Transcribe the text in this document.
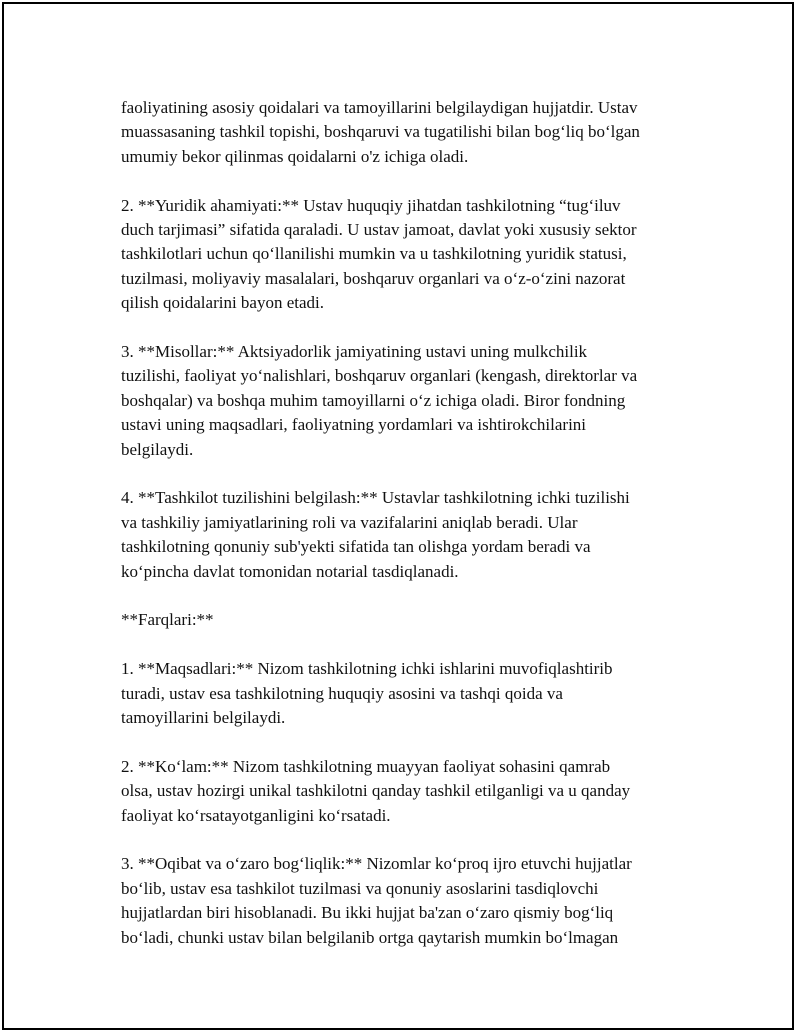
faoliyatining asosiy qoidalari va tamoyillarini belgilaydigan hujjatdir. Ustav
muassasaning tashkil topishi, boshqaruvi va tugatilishi bilan bog‘liq bo‘lgan
umumiy bekor qilinmas qoidalarni o'z ichiga oladi.

2. **Yuridik ahamiyati:** Ustav huquqiy jihatdan tashkilotning “tug‘iluv
duch tarjimasi” sifatida qaraladi. U ustav jamoat, davlat yoki xususiy sektor
tashkilotlari uchun qo‘llanilishi mumkin va u tashkilotning yuridik statusi,
tuzilmasi, moliyaviy masalalari, boshqaruv organlari va o‘z-o‘zini nazorat
qilish qoidalarini bayon etadi.

3. **Misollar:** Aktsiyadorlik jamiyatining ustavi uning mulkchilik
tuzilishi, faoliyat yo‘nalishlari, boshqaruv organlari (kengash, direktorlar va
boshqalar) va boshqa muhim tamoyillarni o‘z ichiga oladi. Biror fondning
ustavi uning maqsadlari, faoliyatning yordamlari va ishtirokchilarini
belgilaydi.

4. **Tashkilot tuzilishini belgilash:** Ustavlar tashkilotning ichki tuzilishi
va tashkiliy jamiyatlarining roli va vazifalarini aniqlab beradi. Ular
tashkilotning qonuniy sub'yekti sifatida tan olishga yordam beradi va
ko‘pincha davlat tomonidan notarial tasdiqlanadi.

**Farqlari:**

1. **Maqsadlari:** Nizom tashkilotning ichki ishlarini muvofiqlashtirib
turadi, ustav esa tashkilotning huquqiy asosini va tashqi qoida va
tamoyillarini belgilaydi.

2. **Ko‘lam:** Nizom tashkilotning muayyan faoliyat sohasini qamrab
olsa, ustav hozirgi unikal tashkilotni qanday tashkil etilganligi va u qanday
faoliyat ko‘rsatayotganligini ko‘rsatadi.

3. **Oqibat va o‘zaro bog‘liqlik:** Nizomlar ko‘proq ijro etuvchi hujjatlar
bo‘lib, ustav esa tashkilot tuzilmasi va qonuniy asoslarini tasdiqlovchi
hujjatlardan biri hisoblanadi. Bu ikki hujjat ba'zan o‘zaro qismiy bog‘liq
bo‘ladi, chunki ustav bilan belgilanib ortga qaytarish mumkin bo‘lmagan
